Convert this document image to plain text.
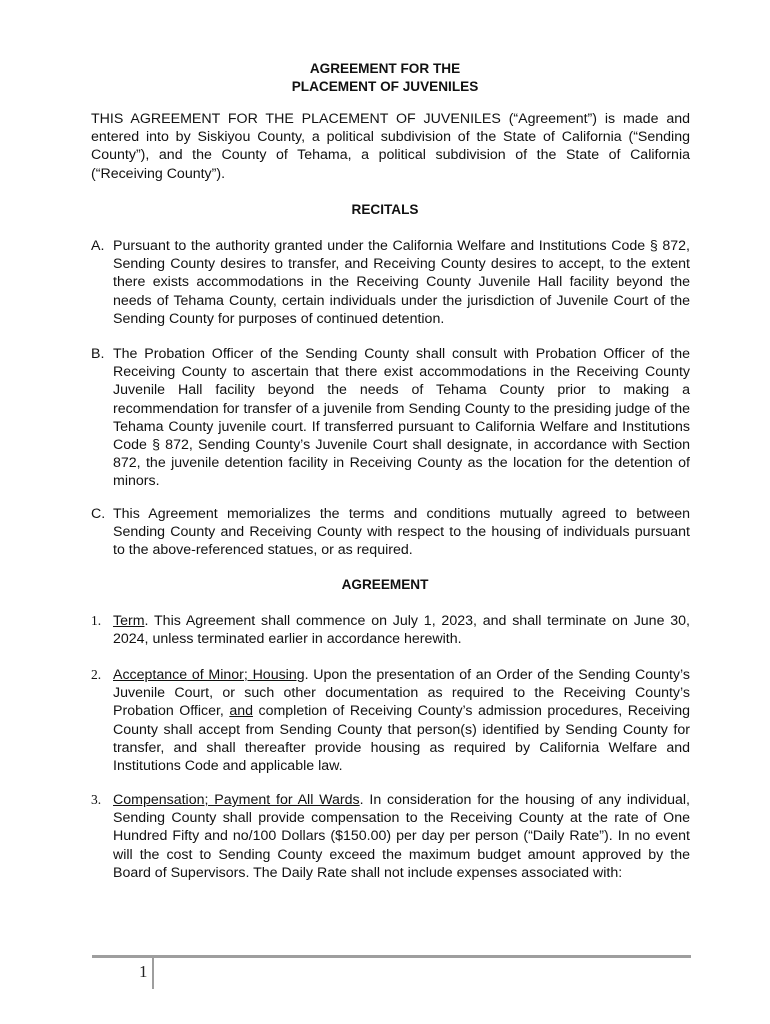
AGREEMENT FOR THE
PLACEMENT OF JUVENILES

THIS AGREEMENT FOR THE PLACEMENT OF JUVENILES (“Agreement”) is made and entered into by Siskiyou County, a political subdivision of the State of California (“Sending County”), and the County of Tehama, a political subdivision of the State of California (“Receiving County”).

RECITALS
A. Pursuant to the authority granted under the California Welfare and Institutions Code § 872, Sending County desires to transfer, and Receiving County desires to accept, to the extent there exists accommodations in the Receiving County Juvenile Hall facility beyond the needs of Tehama County, certain individuals under the jurisdiction of Juvenile Court of the Sending County for purposes of continued detention.

B. The Probation Officer of the Sending County shall consult with Probation Officer of the Receiving County to ascertain that there exist accommodations in the Receiving County Juvenile Hall facility beyond the needs of Tehama County prior to making a recommendation for transfer of a juvenile from Sending County to the presiding judge of the Tehama County juvenile court. If transferred pursuant to California Welfare and Institutions Code § 872, Sending County’s Juvenile Court shall designate, in accordance with Section 872, the juvenile detention facility in Receiving County as the location for the detention of minors.

C. This Agreement memorializes the terms and conditions mutually agreed to between Sending County and Receiving County with respect to the housing of individuals pursuant to the above-referenced statues, or as required.

AGREEMENT
1. Term. This Agreement shall commence on July 1, 2023, and shall terminate on June 30, 2024, unless terminated earlier in accordance herewith.

2. Acceptance of Minor; Housing. Upon the presentation of an Order of the Sending County’s Juvenile Court, or such other documentation as required to the Receiving County’s Probation Officer, and completion of Receiving County’s admission procedures, Receiving County shall accept from Sending County that person(s) identified by Sending County for transfer, and shall thereafter provide housing as required by California Welfare and Institutions Code and applicable law.

3. Compensation; Payment for All Wards. In consideration for the housing of any individual, Sending County shall provide compensation to the Receiving County at the rate of One Hundred Fifty and no/100 Dollars ($150.00) per day per person (“Daily Rate”). In no event will the cost to Sending County exceed the maximum budget amount approved by the Board of Supervisors. The Daily Rate shall not include expenses associated with:

1
